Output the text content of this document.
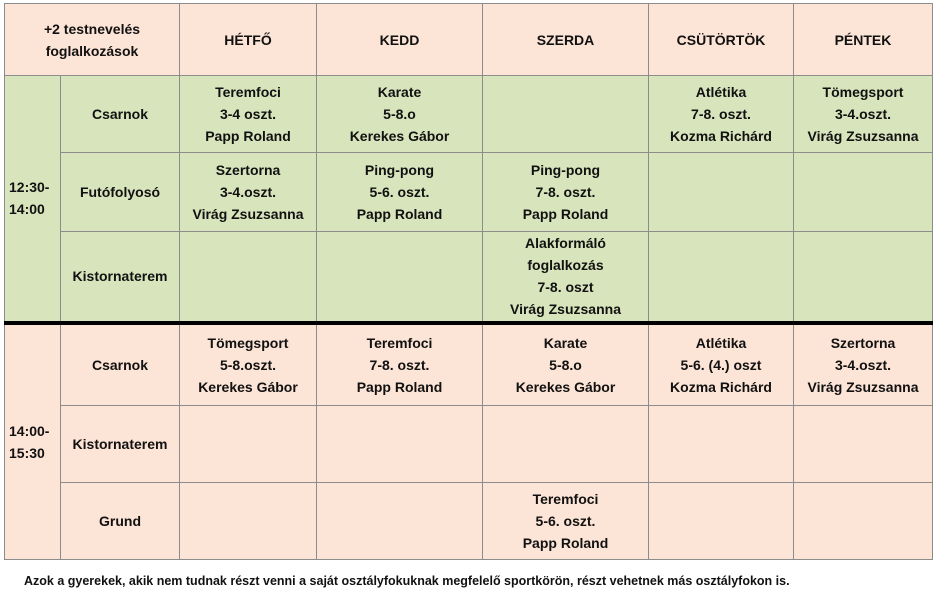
+2 testnevelés
foglalkozások		HÉTFŐ	KEDD	SZERDA	CSÜTÖRTÖK	PÉNTEK

12:30-
14:00	Csarnok	Teremfoci
3-4 oszt.
Papp Roland	Karate
5-8.o
Kerekes Gábor		Atlétika
7-8. oszt.
Kozma Richárd	Tömegsport
3-4.oszt.
Virág Zsuzsanna

	Futófolyosó	Szertorna
3-4.oszt.
Virág Zsuzsanna	Ping-pong
5-6. oszt.
Papp Roland	Ping-pong
7-8. oszt.
Papp Roland		

	Kistornaterem			Alakformáló
foglalkozás
7-8. oszt
Virág Zsuzsanna		

14:00-
15:30	Csarnok	Tömegsport
5-8.oszt.
Kerekes Gábor	Teremfoci
7-8. oszt.
Papp Roland	Karate
5-8.o
Kerekes Gábor	Atlétika
5-6. (4.) oszt
Kozma Richárd	Szertorna
3-4.oszt.
Virág Zsuzsanna

	Kistornaterem					
	Grund			Teremfoci
5-6. oszt.
Papp Roland		

Azok a gyerekek, akik nem tudnak részt venni a saját osztályfokuknak megfelelő sportkörön, részt vehetnek más osztályfokon is.
